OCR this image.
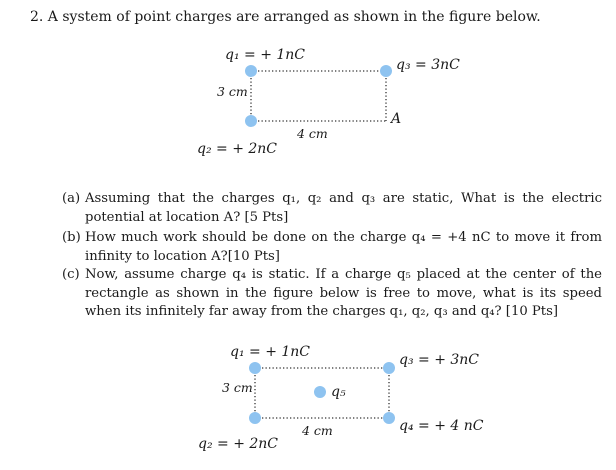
2. A system of point charges are arranged as shown in the figure below.
q₁ = + 1nC
q₃ = 3nC
3 cm
4 cm
A
q₂ = + 2nC
(a) Assuming that the charges q₁, q₂ and q₃ are static, What is the electric potential at location A? [5 Pts]
(b) How much work should be done on the charge q₄ = +4 nC to move it from infinity to location A?[10 Pts]
(c) Now, assume charge q₄ is static. If a charge q₅ placed at the center of the rectangle as shown in the figure below is free to move, what is its speed when its infinitely far away from the charges q₁, q₂, q₃ and q₄? [10 Pts]
q₁ = + 1nC	q₃ = + 3nC
3 cm	q₅
4 cm	q₄ = + 4 nC
q₂ = + 2nC
